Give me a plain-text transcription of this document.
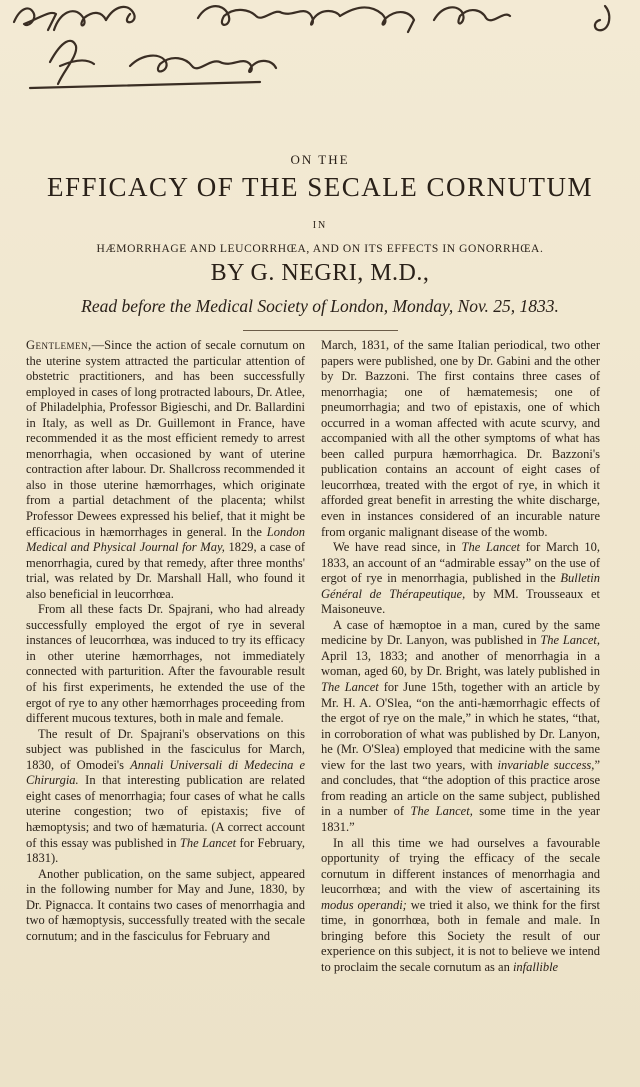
ON THE
EFFICACY OF THE SECALE CORNUTUM
IN
HÆMORRHAGE AND LEUCORRHŒA, AND ON ITS EFFECTS IN GONORRHŒA.
BY G. NEGRI, M.D.,
Read before the Medical Society of London, Monday, Nov. 25, 1833.

Gentlemen,—Since the action of secale cornutum on the uterine system attracted the particular attention of obstetric practitioners, and has been successfully employed in cases of long protracted labours, Dr. Atlee, of Philadelphia, Professor Bigieschi, and Dr. Ballardini in Italy, as well as Dr. Guillemont in France, have recommended it as the most efficient remedy to arrest menorrhagia, when occasioned by want of uterine contraction after labour. Dr. Shallcross recommended it also in those uterine hæmorrhages, which originate from a partial detachment of the placenta; whilst Professor Dewees expressed his belief, that it might be efficacious in hæmorrhages in general. In the London Medical and Physical Journal for May, 1829, a case of menorrhagia, cured by that remedy, after three months' trial, was related by Dr. Marshall Hall, who found it also beneficial in leucorrhœa.

From all these facts Dr. Spajrani, who had already successfully employed the ergot of rye in several instances of leucorrhœa, was induced to try its efficacy in other uterine hæmorrhages, not immediately connected with parturition. After the favourable result of his first experiments, he extended the use of the ergot of rye to any other hæmorrhages proceeding from different mucous textures, both in male and female.

The result of Dr. Spajrani's observations on this subject was published in the fasciculus for March, 1830, of Omodei's Annali Universali di Medecina e Chirurgia. In that interesting publication are related eight cases of menorrhagia; four cases of what he calls uterine congestion; two of epistaxis; five of hæmoptysis; and two of hæmaturia. (A correct account of this essay was published in The Lancet for February, 1831).

Another publication, on the same subject, appeared in the following number for May and June, 1830, by Dr. Pignacca. It contains two cases of menorrhagia and two of hæmoptysis, successfully treated with the secale cornutum; and in the fasciculus for February and

March, 1831, of the same Italian periodical, two other papers were published, one by Dr. Gabini and the other by Dr. Bazzoni. The first contains three cases of menorrhagia; one of hæmatemesis; one of pneumorrhagia; and two of epistaxis, one of which occurred in a woman affected with acute scurvy, and accompanied with all the other symptoms of what has been called purpura hæmorrhagica. Dr. Bazzoni's publication contains an account of eight cases of leucorrhœa, treated with the ergot of rye, in which it afforded great benefit in arresting the white discharge, even in instances considered of an incurable nature from organic malignant disease of the womb.

We have read since, in The Lancet for March 10, 1833, an account of an “admirable essay” on the use of ergot of rye in menorrhagia, published in the Bulletin Général de Thérapeutique, by MM. Trousseaux et Maisoneuve.

A case of hæmoptoe in a man, cured by the same medicine by Dr. Lanyon, was published in The Lancet, April 13, 1833; and another of menorrhagia in a woman, aged 60, by Dr. Bright, was lately published in The Lancet for June 15th, together with an article by Mr. H. A. O'Slea, “on the anti-hæmorrhagic effects of the ergot of rye on the male,” in which he states, “that, in corroboration of what was published by Dr. Lanyon, he (Mr. O'Slea) employed that medicine with the same view for the last two years, with invariable success,” and concludes, that “the adoption of this practice arose from reading an article on the same subject, published in a number of The Lancet, some time in the year 1831.”

In all this time we had ourselves a favourable opportunity of trying the efficacy of the secale cornutum in different instances of menorrhagia and leucorrhœa; and with the view of ascertaining its modus operandi; we tried it also, we think for the first time, in gonorrhœa, both in female and male. In bringing before this Society the result of our experience on this subject, it is not to believe we intend to proclaim the secale cornutum as an infallible
